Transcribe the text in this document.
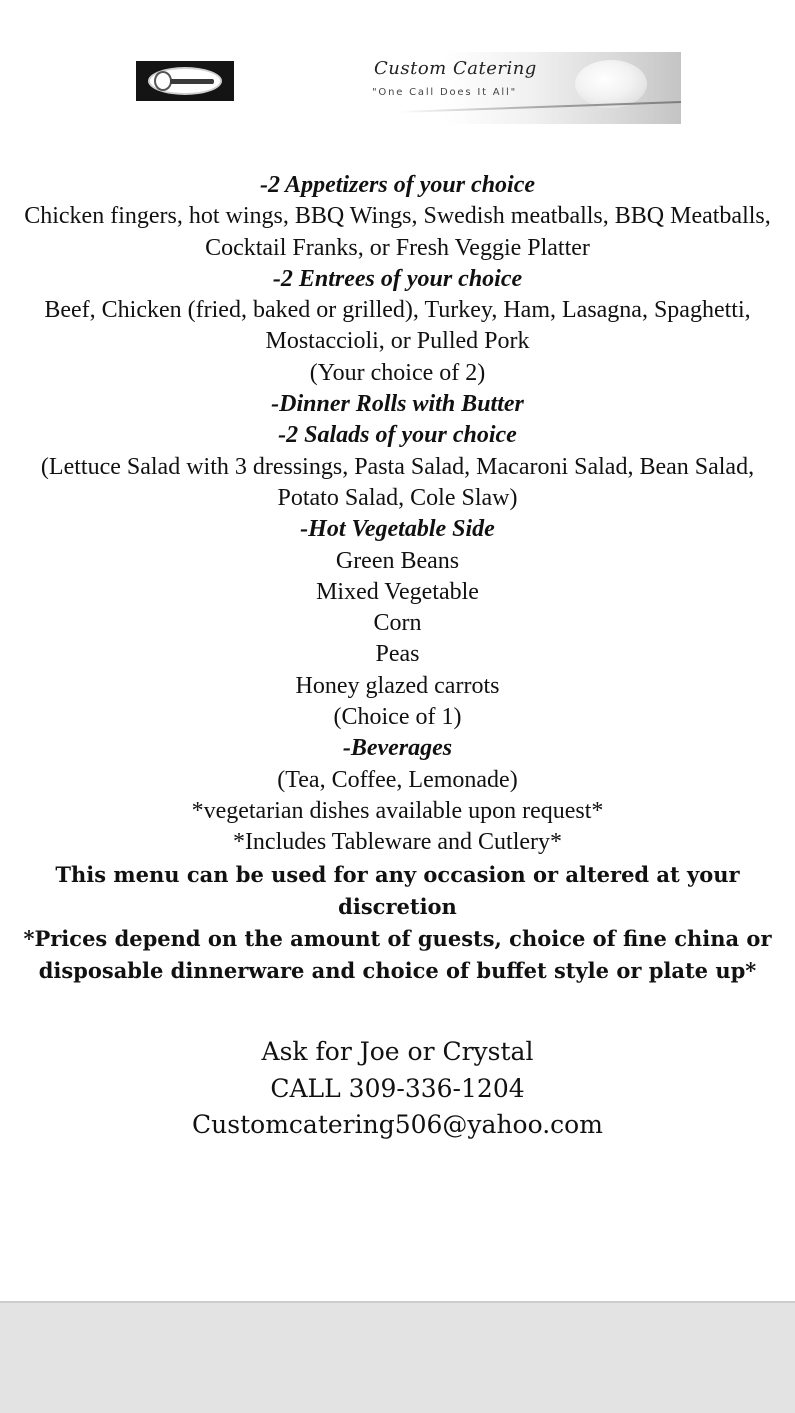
Custom Catering
"One Call Does It All"

-2 Appetizers of your choice

Chicken fingers, hot wings, BBQ Wings, Swedish meatballs, BBQ Meatballs, Cocktail Franks, or Fresh Veggie Platter

-2 Entrees of your choice

Beef, Chicken (fried, baked or grilled), Turkey, Ham, Lasagna, Spaghetti, Mostaccioli, or Pulled Pork

(Your choice of 2)

-Dinner Rolls with Butter

-2 Salads of your choice

(Lettuce Salad with 3 dressings, Pasta Salad, Macaroni Salad, Bean Salad, Potato Salad, Cole Slaw)

-Hot Vegetable Side

Green Beans

Mixed Vegetable

Corn

Peas

Honey glazed carrots

(Choice of 1)

-Beverages

(Tea, Coffee, Lemonade)

*vegetarian dishes available upon request*

*Includes Tableware and Cutlery*

This menu can be used for any occasion or altered at your discretion

*Prices depend on the amount of guests, choice of fine china or disposable dinnerware and choice of buffet style or plate up*

Ask for Joe or Crystal

CALL 309-336-1204

Customcatering506@yahoo.com
